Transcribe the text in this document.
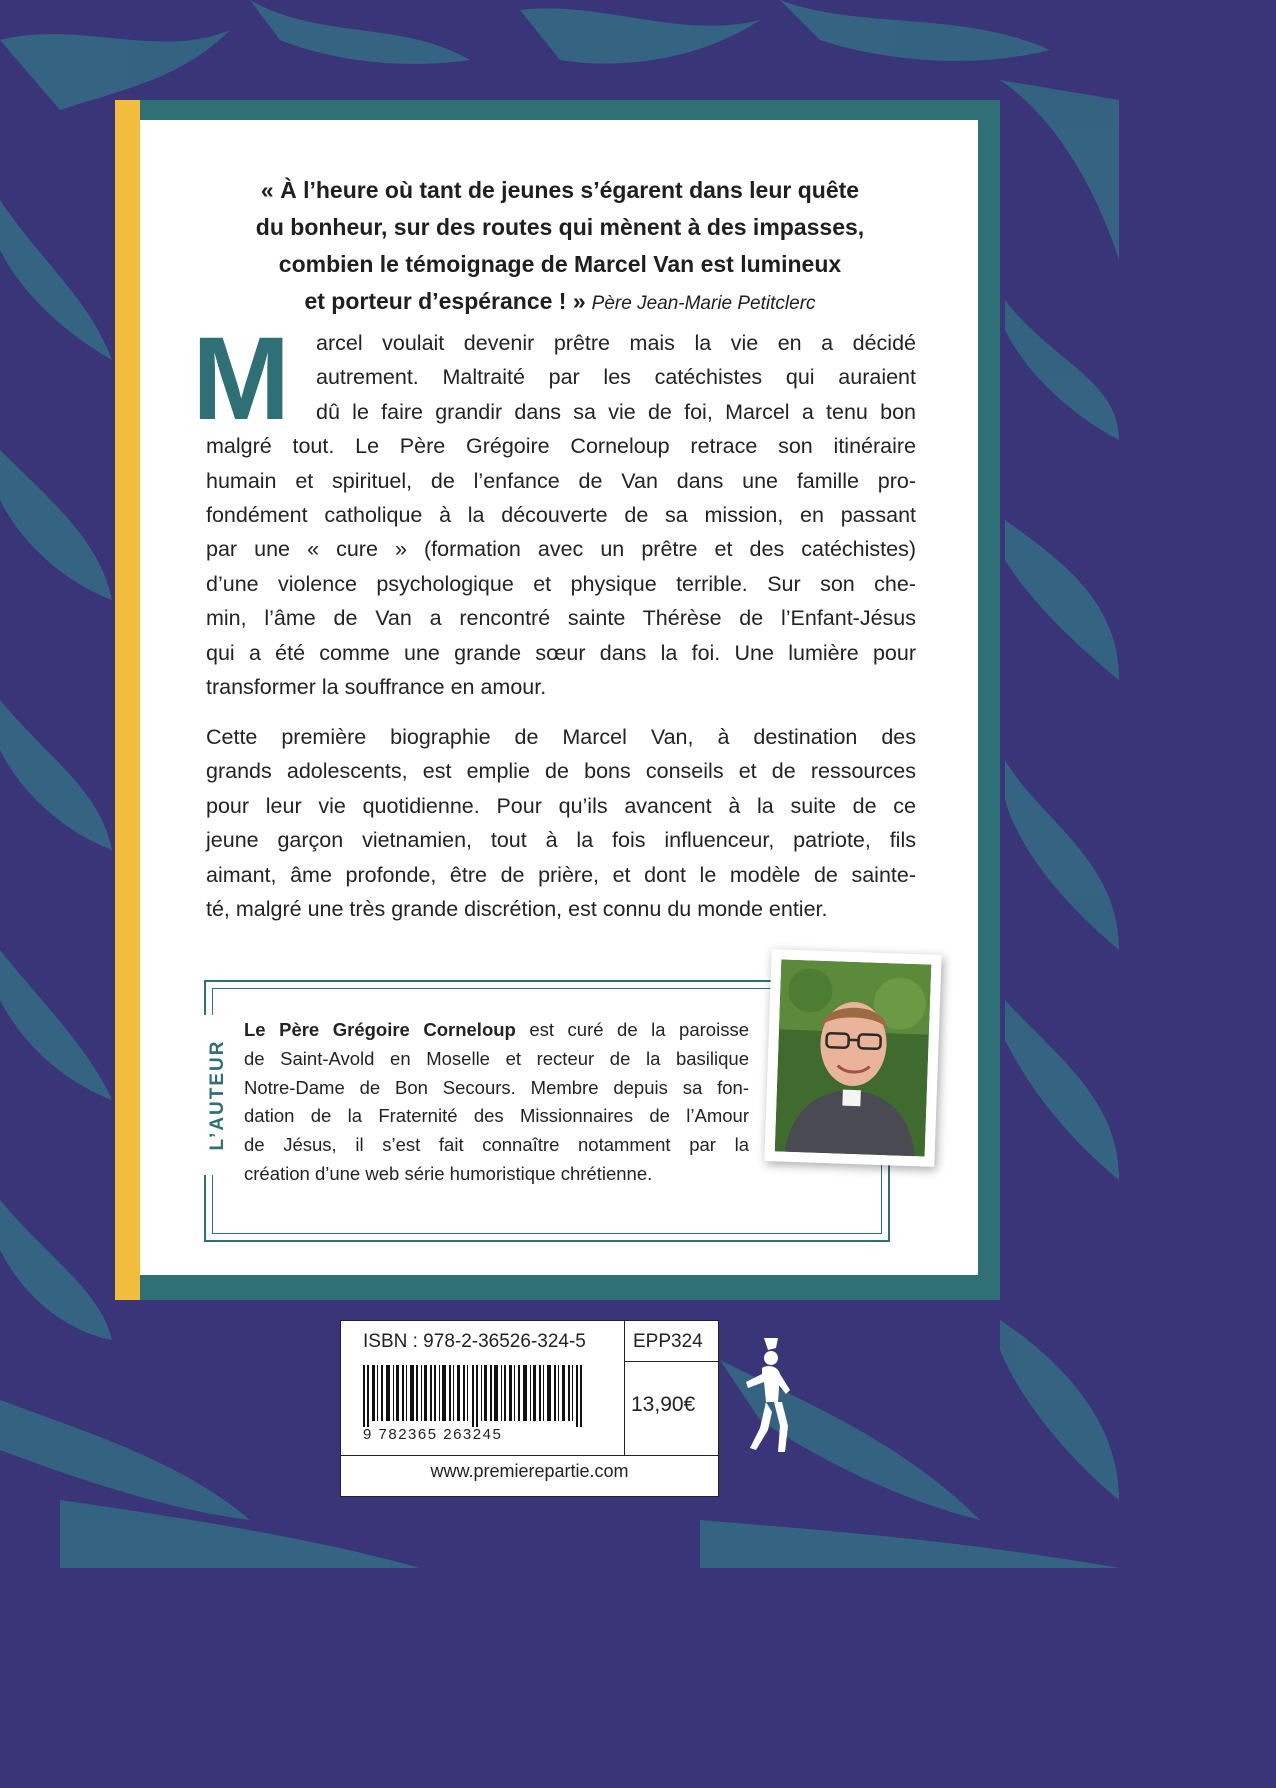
« À l’heure où tant de jeunes s’égarent dans leur quête
du bonheur, sur des routes qui mènent à des impasses,
combien le témoignage de Marcel Van est lumineux
et porteur d’espérance ! » Père Jean-Marie Petitclerc
M arcel voulait devenir prêtre mais la vie en a décidé
autrement. Maltraité par les catéchistes qui auraient
dû le faire grandir dans sa vie de foi, Marcel a tenu bon
malgré tout. Le Père Grégoire Corneloup retrace son itinéraire
humain et spirituel, de l’enfance de Van dans une famille pro-
fondément catholique à la découverte de sa mission, en passant
par une « cure » (formation avec un prêtre et des catéchistes)
d’une violence psychologique et physique terrible. Sur son che-
min, l’âme de Van a rencontré sainte Thérèse de l’Enfant-Jésus
qui a été comme une grande sœur dans la foi. Une lumière pour
transformer la souffrance en amour.
Cette première biographie de Marcel Van, à destination des
grands adolescents, est emplie de bons conseils et de ressources
pour leur vie quotidienne. Pour qu’ils avancent à la suite de ce
jeune garçon vietnamien, tout à la fois influenceur, patriote, fils
aimant, âme profonde, être de prière, et dont le modèle de sainte-
té, malgré une très grande discrétion, est connu du monde entier.
L’AUTEUR
Le Père Grégoire Corneloup est curé de la paroisse
de Saint-Avold en Moselle et recteur de la basilique
Notre-Dame de Bon Secours. Membre depuis sa fon-
dation de la Fraternité des Missionnaires de l’Amour
de Jésus, il s’est fait connaître notamment par la
création d’une web série humoristique chrétienne.
ISBN : 978-2-36526-324-5 EPP324
13,90€
9 782365 263245
www.premierepartie.com
